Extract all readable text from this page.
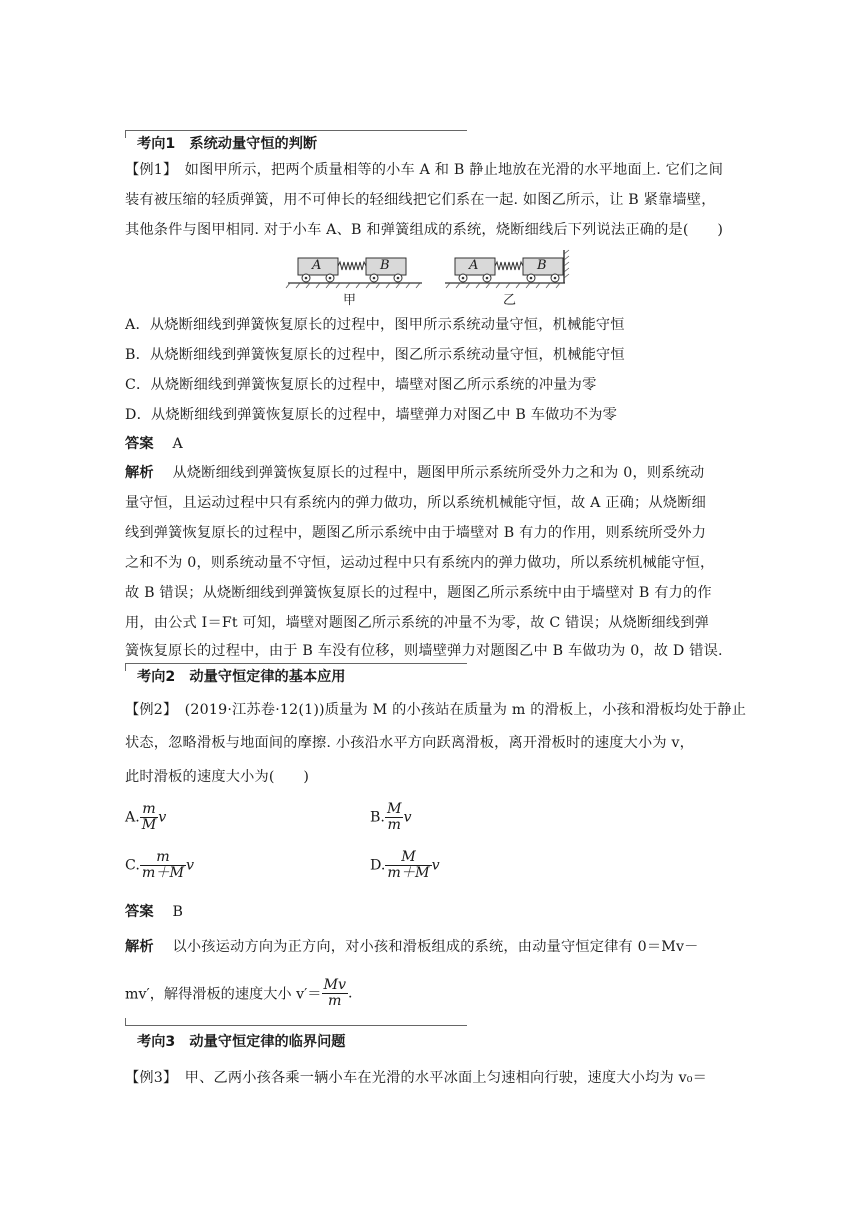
考向1　系统动量守恒的判断
【例1】　如图甲所示，把两个质量相等的小车 A 和 B 静止地放在光滑的水平地面上. 它们之间
装有被压缩的轻质弹簧，用不可伸长的轻细线把它们系在一起. 如图乙所示，让 B 紧靠墙壁，
其他条件与图甲相同. 对于小车 A、B 和弹簧组成的系统，烧断细线后下列说法正确的是(　　)
A	B	A	B
甲	乙
A．从烧断细线到弹簧恢复原长的过程中，图甲所示系统动量守恒，机械能守恒
B．从烧断细线到弹簧恢复原长的过程中，图乙所示系统动量守恒，机械能守恒
C．从烧断细线到弹簧恢复原长的过程中，墙壁对图乙所示系统的冲量为零
D．从烧断细线到弹簧恢复原长的过程中，墙壁弹力对图乙中 B 车做功不为零
答案 A
解析 从烧断细线到弹簧恢复原长的过程中，题图甲所示系统所受外力之和为 0，则系统动
量守恒，且运动过程中只有系统内的弹力做功，所以系统机械能守恒，故 A 正确；从烧断细
线到弹簧恢复原长的过程中，题图乙所示系统中由于墙壁对 B 有力的作用，则系统所受外力
之和不为 0，则系统动量不守恒，运动过程中只有系统内的弹力做功，所以系统机械能守恒，
故 B 错误；从烧断细线到弹簧恢复原长的过程中，题图乙所示系统中由于墙壁对 B 有力的作
用，由公式 I＝Ft 可知，墙壁对题图乙所示系统的冲量不为零，故 C 错误；从烧断细线到弹
簧恢复原长的过程中，由于 B 车没有位移，则墙壁弹力对题图乙中 B 车做功为 0，故 D 错误.
考向2　动量守恒定律的基本应用
【例2】　(2019·江苏卷·12(1))质量为 M 的小孩站在质量为 m 的滑板上，小孩和滑板均处于静止
状态，忽略滑板与地面间的摩擦. 小孩沿水平方向跃离滑板，离开滑板时的速度大小为 v，
此时滑板的速度大小为(　　)
A. $\frac{m}{M}$ v	B. $\frac{M}{m}$ v
C. $\frac{m}{m+M}$ v	D. $\frac{M}{m+M}$ v
答案 B
解析 以小孩运动方向为正方向，对小孩和滑板组成的系统，由动量守恒定律有 0＝Mv－
mv′，解得滑板的速度大小 $v'= \frac{Mv}{m}$ .
考向3　动量守恒定律的临界问题
【例3】　甲、乙两小孩各乘一辆小车在光滑的水平冰面上匀速相向行驶，速度大小均为 v₀＝
